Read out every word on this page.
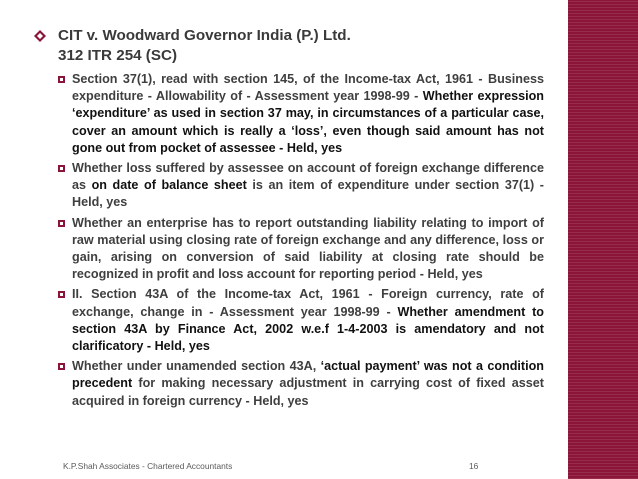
CIT v. Woodward Governor India (P.) Ltd.
312 ITR 254 (SC)
Section 37(1), read with section 145, of the Income-tax Act, 1961 - Business expenditure - Allowability of - Assessment year 1998-99 - Whether expression ‘expenditure’ as used in section 37 may, in circumstances of a particular case, cover an amount which is really a ‘loss’, even though said amount has not gone out from pocket of assessee - Held, yes
Whether loss suffered by assessee on account of foreign exchange difference as on date of balance sheet is an item of expenditure under section 37(1) - Held, yes
Whether an enterprise has to report outstanding liability relating to import of raw material using closing rate of foreign exchange and any difference, loss or gain, arising on conversion of said liability at closing rate should be recognized in profit and loss account for reporting period - Held, yes
II. Section 43A of the Income-tax Act, 1961 - Foreign currency, rate of exchange, change in - Assessment year 1998-99 - Whether amendment to section 43A by Finance Act, 2002 w.e.f 1-4-2003 is amendatory and not clarificatory - Held, yes
Whether under unamended section 43A, ‘actual payment’ was not a condition precedent for making necessary adjustment in carrying cost of fixed asset acquired in foreign currency - Held, yes
K.P.Shah Associates - Chartered Accountants	16
